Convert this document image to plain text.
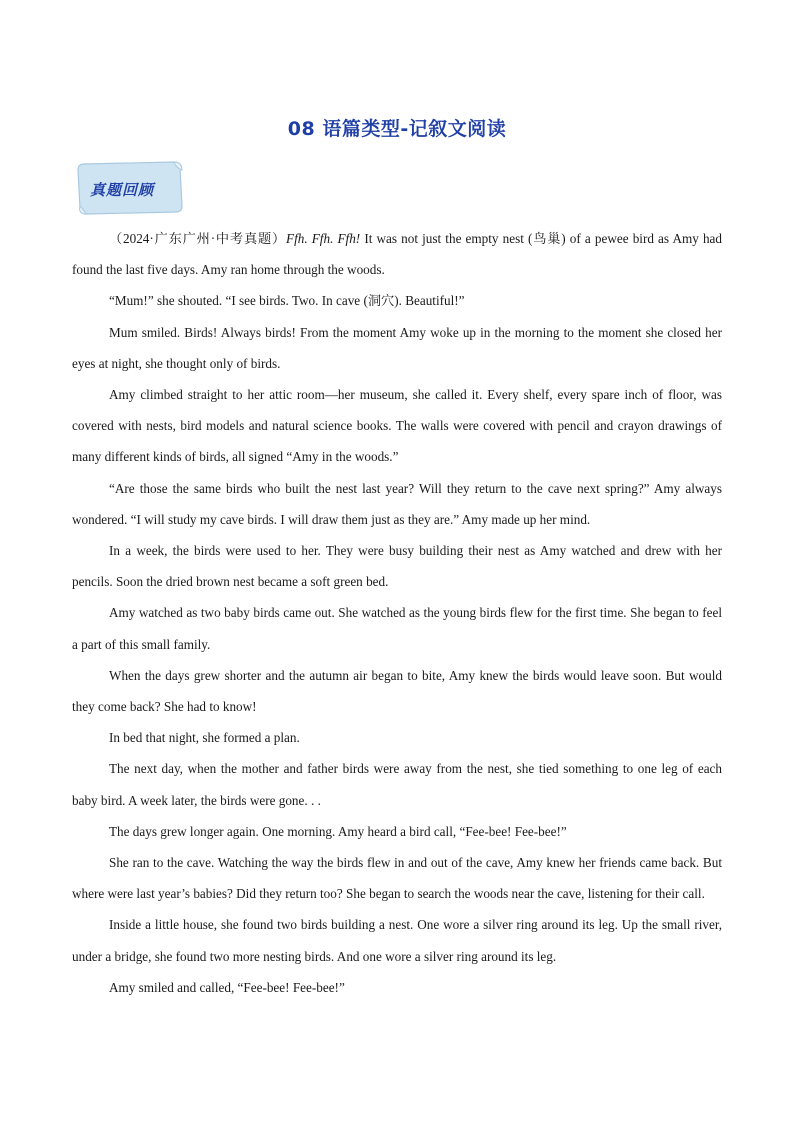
08 语篇类型-记叙文阅读
真题回顾

（2024·广东广州·中考真题）Ffh. Ffh. Ffh! It was not just the empty nest (鸟巢) of a pewee bird as Amy had found the last five days. Amy ran home through the woods.

“Mum!” she shouted. “I see birds. Two. In cave (洞穴). Beautiful!”

Mum smiled. Birds! Always birds! From the moment Amy woke up in the morning to the moment she closed her eyes at night, she thought only of birds.

Amy climbed straight to her attic room—her museum, she called it. Every shelf, every spare inch of floor, was covered with nests, bird models and natural science books. The walls were covered with pencil and crayon drawings of many different kinds of birds, all signed “Amy in the woods.”

“Are those the same birds who built the nest last year? Will they return to the cave next spring?” Amy always wondered. “I will study my cave birds. I will draw them just as they are.” Amy made up her mind.

In a week, the birds were used to her. They were busy building their nest as Amy watched and drew with her pencils. Soon the dried brown nest became a soft green bed.

Amy watched as two baby birds came out. She watched as the young birds flew for the first time. She began to feel a part of this small family.

When the days grew shorter and the autumn air began to bite, Amy knew the birds would leave soon. But would they come back? She had to know!

In bed that night, she formed a plan.

The next day, when the mother and father birds were away from the nest, she tied something to one leg of each baby bird. A week later, the birds were gone. . .

The days grew longer again. One morning. Amy heard a bird call, “Fee-bee! Fee-bee!”

She ran to the cave. Watching the way the birds flew in and out of the cave, Amy knew her friends came back. But where were last year’s babies? Did they return too? She began to search the woods near the cave, listening for their call.

Inside a little house, she found two birds building a nest. One wore a silver ring around its leg. Up the small river, under a bridge, she found two more nesting birds. And one wore a silver ring around its leg.

Amy smiled and called, “Fee-bee! Fee-bee!”
